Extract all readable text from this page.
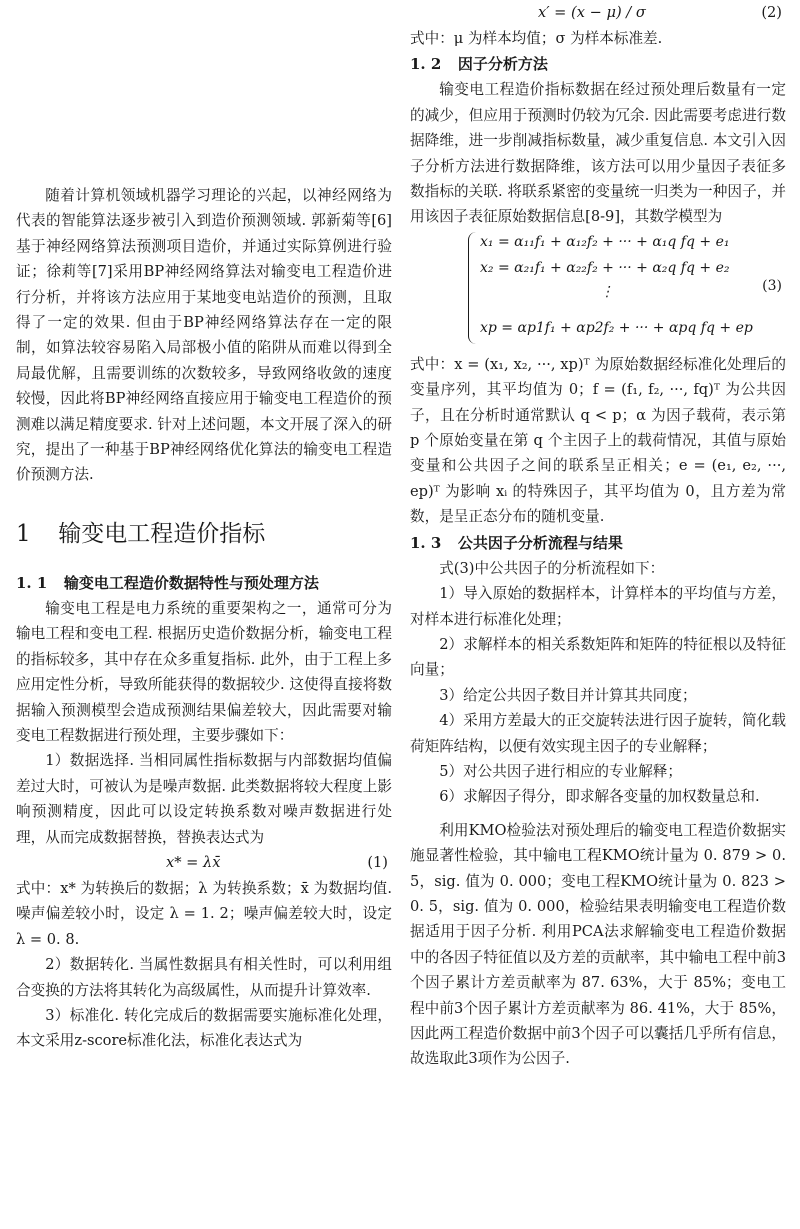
随着计算机领域机器学习理论的兴起，以神经网络为代表的智能算法逐步被引入到造价预测领域. 郭新菊等[6]基于神经网络算法预测项目造价，并通过实际算例进行验证；徐莉等[7]采用BP神经网络算法对输变电工程造价进行分析，并将该方法应用于某地变电站造价的预测，且取得了一定的效果. 但由于BP神经网络算法存在一定的限制，如算法较容易陷入局部极小值的陷阱从而难以得到全局最优解，且需要训练的次数较多，导致网络收敛的速度较慢，因此将BP神经网络直接应用于输变电工程造价的预测难以满足精度要求. 针对上述问题，本文开展了深入的研究，提出了一种基于BP神经网络优化算法的输变电工程造价预测方法.

1 输变电工程造价指标
1. 1 输变电工程造价数据特性与预处理方法

输变电工程是电力系统的重要架构之一，通常可分为输电工程和变电工程. 根据历史造价数据分析，输变电工程的指标较多，其中存在众多重复指标. 此外，由于工程上多应用定性分析，导致所能获得的数据较少. 这使得直接将数据输入预测模型会造成预测结果偏差较大，因此需要对输变电工程数据进行预处理，主要步骤如下：

1）数据选择. 当相同属性指标数据与内部数据均值偏差过大时，可被认为是噪声数据. 此类数据将较大程度上影响预测精度，因此可以设定转换系数对噪声数据进行处理，从而完成数据替换，替换表达式为

x* = λx̄	(1)

式中：x* 为转换后的数据；λ 为转换系数；x̄ 为数据均值. 噪声偏差较小时，设定 λ = 1. 2；噪声偏差较大时，设定 λ = 0. 8.

2）数据转化. 当属性数据具有相关性时，可以利用组合变换的方法将其转化为高级属性，从而提升计算效率.

3）标准化. 转化完成后的数据需要实施标准化处理，本文采用z-score标准化法，标准化表达式为

x′ = (x − μ) / σ	(2)

式中：μ 为样本均值；σ 为样本标准差.

1. 2 因子分析方法

输变电工程造价指标数据在经过预处理后数量有一定的减少，但应用于预测时仍较为冗余. 因此需要考虑进行数据降维，进一步削减指标数量，减少重复信息. 本文引入因子分析方法进行数据降维，该方法可以用少量因子表征多数指标的关联. 将联系紧密的变量统一归类为一种因子，并用该因子表征原始数据信息[8-9]，其数学模型为

x₁ = α₁₁f₁ + α₁₂f₂ + ··· + α₁q fq + e₁
x₂ = α₂₁f₁ + α₂₂f₂ + ··· + α₂q fq + e₂
⋮
xp = αp1f₁ + αp2f₂ + ··· + αpq fq + ep
(3)

式中：x = (x₁, x₂, ···, xp)ᵀ 为原始数据经标准化处理后的变量序列，其平均值为 0；f = (f₁, f₂, ···, fq)ᵀ 为公共因子，且在分析时通常默认 q < p；α 为因子载荷，表示第 p 个原始变量在第 q 个主因子上的载荷情况，其值与原始变量和公共因子之间的联系呈正相关；e = (e₁, e₂, ···, ep)ᵀ 为影响 xᵢ 的特殊因子，其平均值为 0，且方差为常数，是呈正态分布的随机变量.

1. 3 公共因子分析流程与结果

式(3)中公共因子的分析流程如下：

1）导入原始的数据样本，计算样本的平均值与方差，对样本进行标准化处理；

2）求解样本的相关系数矩阵和矩阵的特征根以及特征向量；

3）给定公共因子数目并计算其共同度；

4）采用方差最大的正交旋转法进行因子旋转，简化载荷矩阵结构，以便有效实现主因子的专业解释；

5）对公共因子进行相应的专业解释；

6）求解因子得分，即求解各变量的加权数量总和.

利用KMO检验法对预处理后的输变电工程造价数据实施显著性检验，其中输电工程KMO统计量为 0. 879 > 0. 5，sig. 值为 0. 000；变电工程KMO统计量为 0. 823 > 0. 5，sig. 值为 0. 000，检验结果表明输变电工程造价数据适用于因子分析. 利用PCA法求解输变电工程造价数据中的各因子特征值以及方差的贡献率，其中输电工程中前3个因子累计方差贡献率为 87. 63%，大于 85%；变电工程中前3个因子累计方差贡献率为 86. 41%，大于 85%，因此两工程造价数据中前3个因子可以囊括几乎所有信息，故选取此3项作为公因子.
